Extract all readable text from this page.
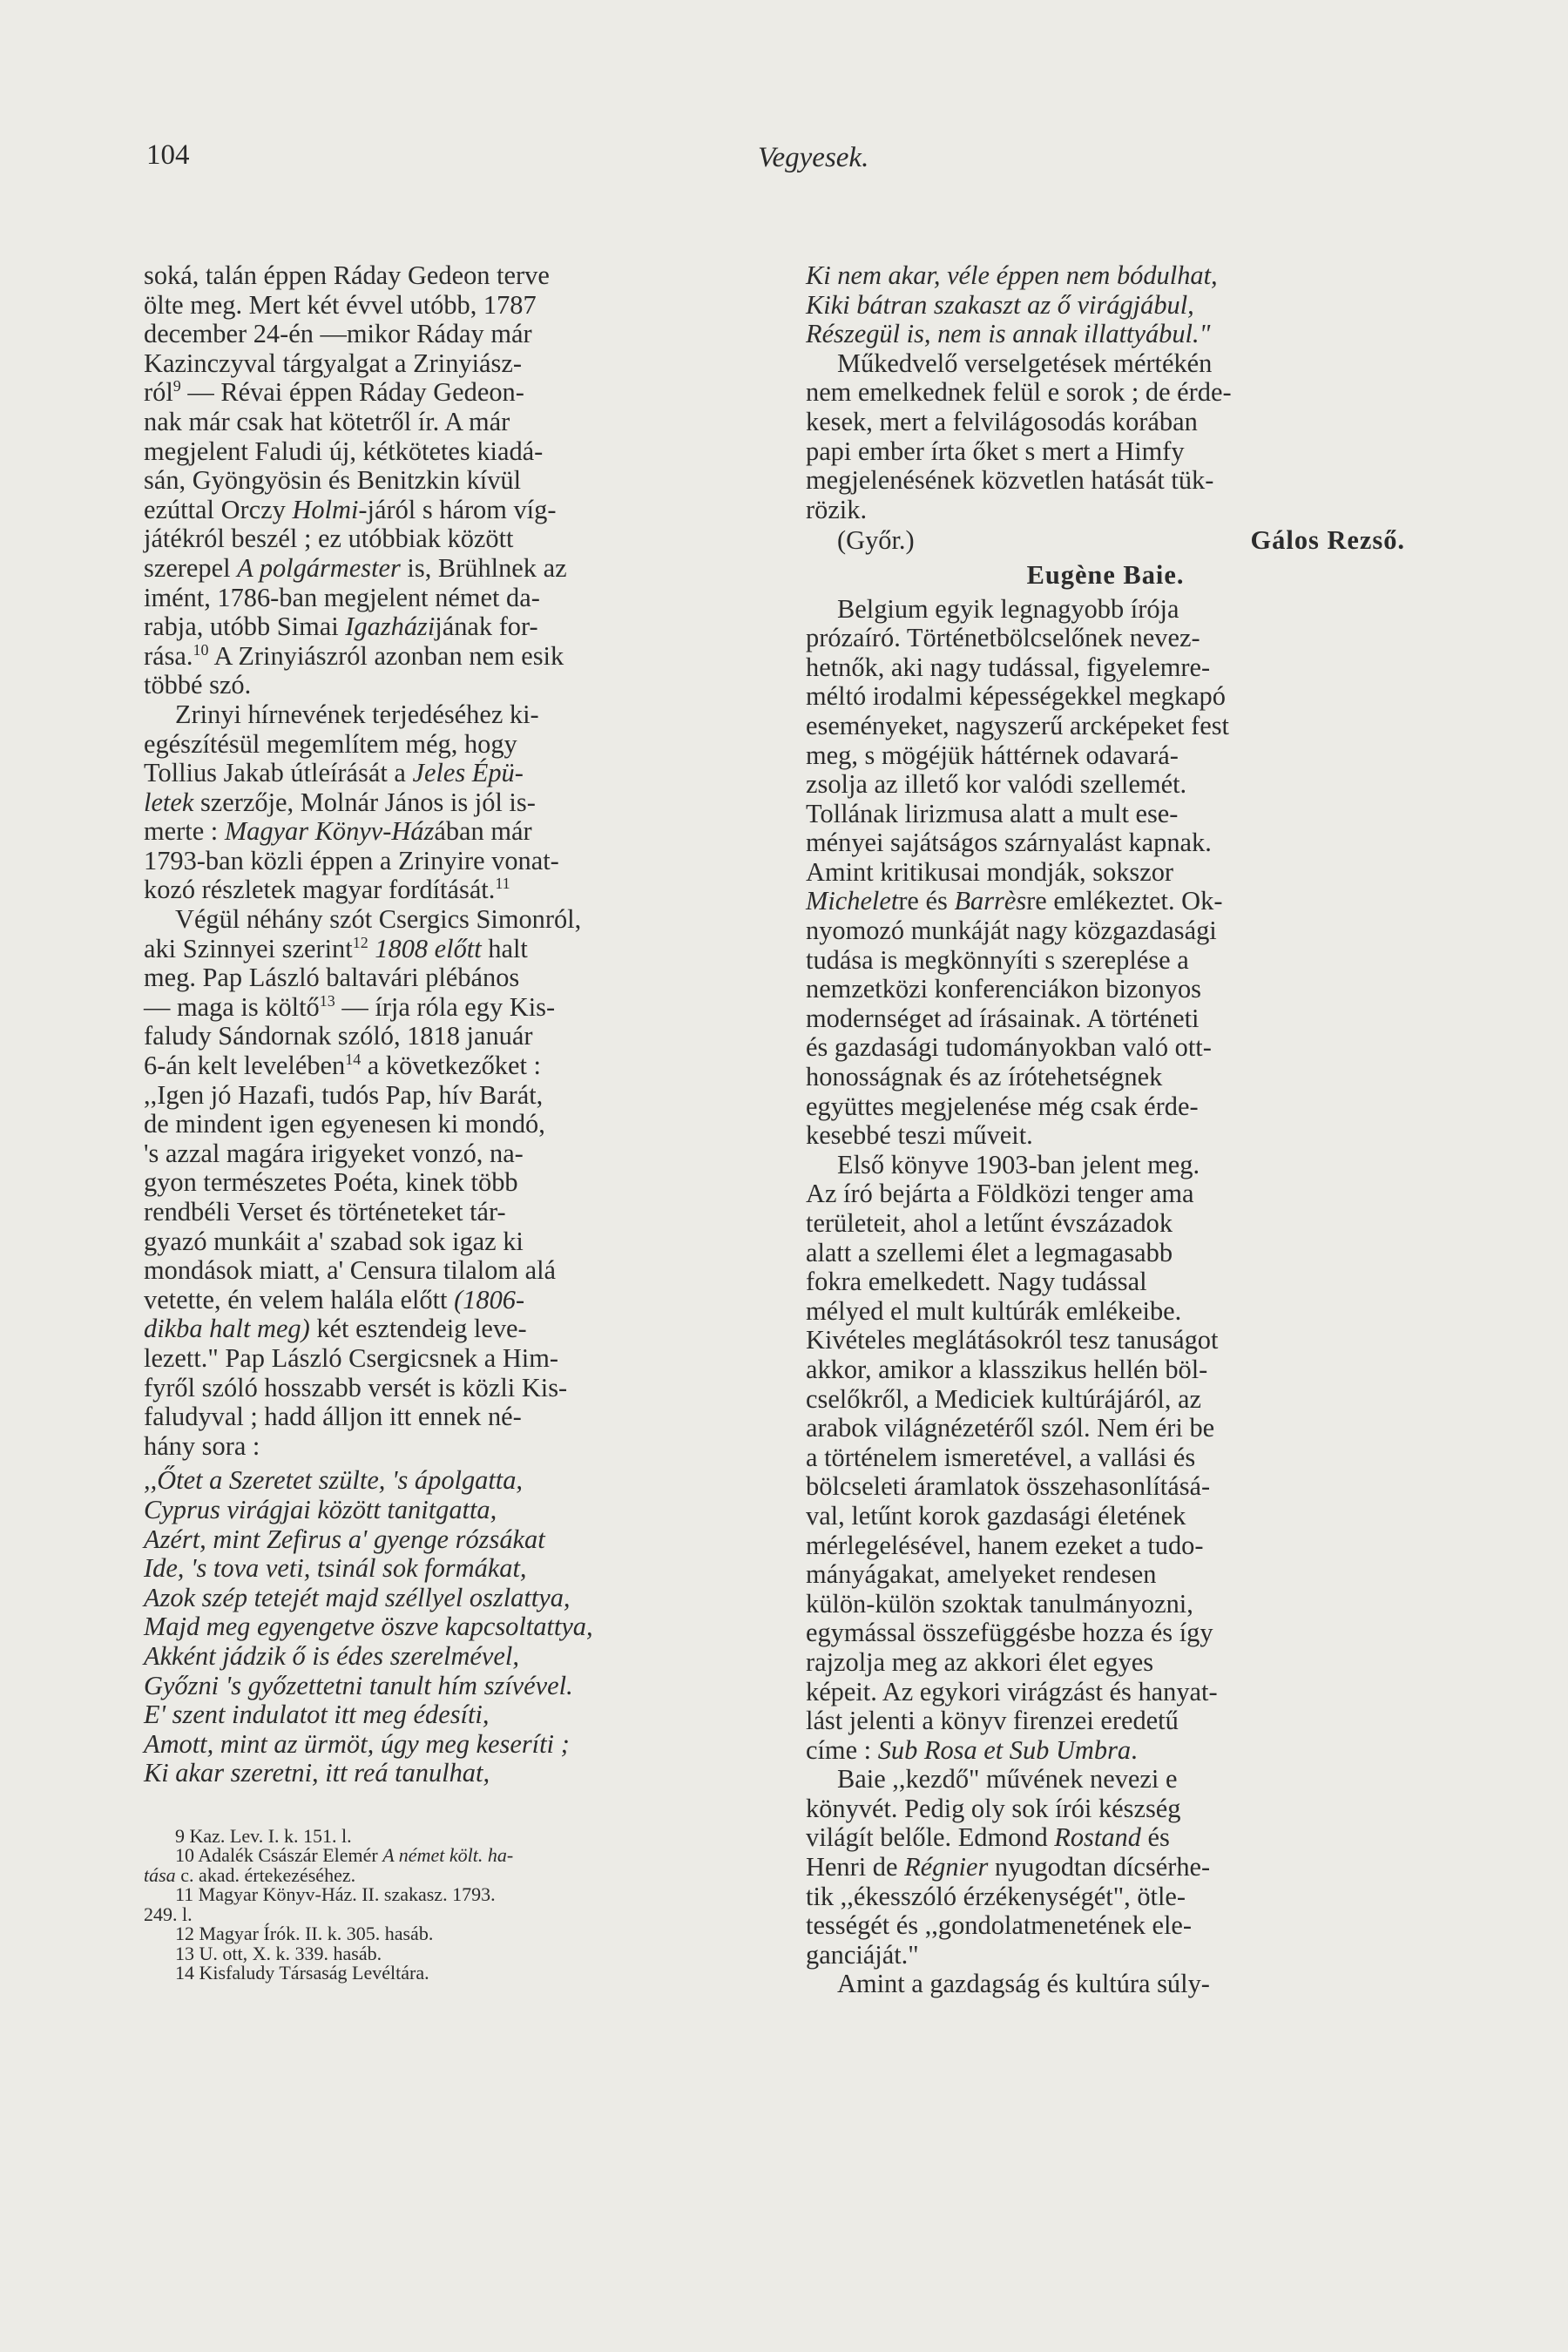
104	Vegyesek.

soká, talán éppen Ráday Gedeon terve
ölte meg. Mert két évvel utóbb, 1787
december 24-én —mikor Ráday már
Kazinczyval tárgyalgat a Zrinyiász-
ról$^9$ — Révai éppen Ráday Gedeon-
nak már csak hat kötetről ír. A már
megjelent Faludi új, kétkötetes kiadá-
sán, Gyöngyösin és Benitzkin kívül
ezúttal Orczy Holmi-járól s három víg-
játékról beszél ; ez utóbbiak között
szerepel A polgármester is, Brühlnek az
imént, 1786-ban megjelent német da-
rabja, utóbb Simai Igazházijának for-
rása.$^{10}$ A Zrinyiászról azonban nem esik
többé szó.

Zrinyi hírnevének terjedéséhez ki-
egészítésül megemlítem még, hogy
Tollius Jakab útleírását a Jeles Épü-
letek szerzője, Molnár János is jól is-
merte : Magyar Könyv-Házában már
1793-ban közli éppen a Zrinyire vonat-
kozó részletek magyar fordítását.$^{11}$

Végül néhány szót Csergics Simonról,
aki Szinnyei szerint$^{12}$ 1808 előtt halt
meg. Pap László baltavári plébános
— maga is költő$^{13}$ — írja róla egy Kis-
faludy Sándornak szóló, 1818 január
6-án kelt levelében$^{14}$ a következőket :
,,Igen jó Hazafi, tudós Pap, hív Barát,
de mindent igen egyenesen ki mondó,
's azzal magára irigyeket vonzó, na-
gyon természetes Poéta, kinek több
rendbéli Verset és történeteket tár-
gyazó munkáit a' szabad sok igaz ki
mondások miatt, a' Censura tilalom alá
vetette, én velem halála előtt (1806-
dikba halt meg) két esztendeig leve-
lezett." Pap László Csergicsnek a Him-
fyről szóló hosszabb versét is közli Kis-
faludyval ; hadd álljon itt ennek né-
hány sora :

,,Őtet a Szeretet szülte, 's ápolgatta,

Cyprus virágjai között tanitgatta,

Azért, mint Zefirus a' gyenge rózsákat

Ide, 's tova veti, tsinál sok formákat,

Azok szép tetejét majd széllyel oszlattya,

Majd meg egyengetve öszve kapcsoltattya,

Akként jádzik ő is édes szerelmével,

Győzni 's győzettetni tanult hím szívével.

E' szent indulatot itt meg édesíti,

Amott, mint az ürmöt, úgy meg keseríti ;

Ki akar szeretni, itt reá tanulhat,

9 Kaz. Lev. I. k. 151. l.

10 Adalék Császár Elemér A német költ. ha-

tása c. akad. értekezéséhez.

11 Magyar Könyv-Ház. II. szakasz. 1793.

249. l.

12 Magyar Írók. II. k. 305. hasáb.

13 U. ott, X. k. 339. hasáb.

14 Kisfaludy Társaság Levéltára.

Ki nem akar, véle éppen nem bódulhat,

Kiki bátran szakaszt az ő virágjábul,

Részegül is, nem is annak illattyábul."

Műkedvelő verselgetések mértékén
nem emelkednek felül e sorok ; de érde-
kesek, mert a felvilágosodás korában
papi ember írta őket s mert a Himfy
megjelenésének közvetlen hatását tük-
rözik.

(Győr.)	Gálos Rezső.
Eugène Baie.

Belgium egyik legnagyobb írója
prózaíró. Történetbölcselőnek nevez-
hetnők, aki nagy tudással, figyelemre-
méltó irodalmi képességekkel megkapó
eseményeket, nagyszerű arcképeket fest
meg, s mögéjük háttérnek odavará-
zsolja az illető kor valódi szellemét.
Tollának lirizmusa alatt a mult ese-
ményei sajátságos szárnyalást kapnak.
Amint kritikusai mondják, sokszor
Micheletre és Barrèsre emlékeztet. Ok-
nyomozó munkáját nagy közgazdasági
tudása is megkönnyíti s szereplése a
nemzetközi konferenciákon bizonyos
modernséget ad írásainak. A történeti
és gazdasági tudományokban való ott-
honosságnak és az írótehetségnek
együttes megjelenése még csak érde-
kesebbé teszi műveit.

Első könyve 1903-ban jelent meg.
Az író bejárta a Földközi tenger ama
területeit, ahol a letűnt évszázadok
alatt a szellemi élet a legmagasabb
fokra emelkedett. Nagy tudással
mélyed el mult kultúrák emlékeibe.
Kivételes meglátásokról tesz tanuságot
akkor, amikor a klasszikus hellén böl-
cselőkről, a Mediciek kultúrájáról, az
arabok világnézetéről szól. Nem éri be
a történelem ismeretével, a vallási és
bölcseleti áramlatok összehasonlításá-
val, letűnt korok gazdasági életének
mérlegelésével, hanem ezeket a tudo-
mányágakat, amelyeket rendesen
külön-külön szoktak tanulmányozni,
egymással összefüggésbe hozza és így
rajzolja meg az akkori élet egyes
képeit. Az egykori virágzást és hanyat-
lást jelenti a könyv firenzei eredetű
címe : Sub Rosa et Sub Umbra.

Baie ,,kezdő" művének nevezi e
könyvét. Pedig oly sok írói készség
világít belőle. Edmond Rostand és
Henri de Régnier nyugodtan dícsérhe-
tik ,,ékesszóló érzékenységét", ötle-
tességét és ,,gondolatmenetének ele-
ganciáját."

Amint a gazdagság és kultúra súly-
